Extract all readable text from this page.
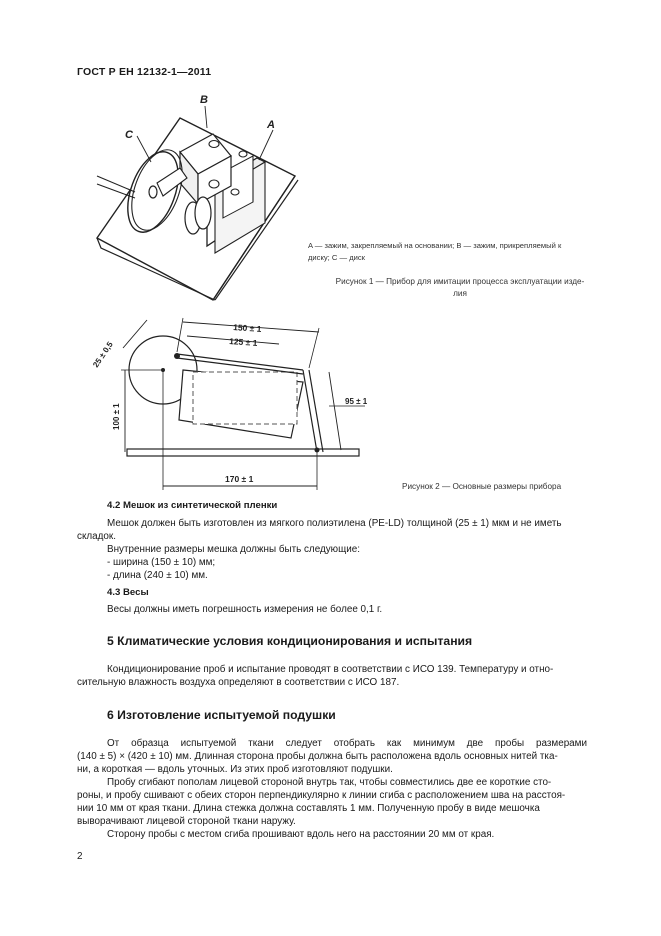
ГОСТ Р ЕН 12132-1—2011
C
B
A
A — зажим, закрепляемый на основании; B — зажим, прикрепляемый к
диску; C — диск
Рисунок 1 — Прибор для имитации процесса эксплуатации изде-
лия
150 ± 1
125 ± 1
25 ± 0,5
100 ± 1
95 ± 1
170 ± 1
Рисунок 2 — Основные размеры прибора
4.2 Мешок из синтетической пленки
Мешок должен быть изготовлен из мягкого полиэтилена (PE-LD) толщиной (25 ± 1) мкм и не иметь
складок.
Внутренние размеры мешка должны быть следующие:
- ширина (150 ± 10) мм;
- длина (240 ± 10) мм.
4.3 Весы
Весы должны иметь погрешность измерения не более 0,1 г.
5 Климатические условия кондиционирования и испытания
Кондиционирование проб и испытание проводят в соответствии с ИСО 139. Температуру и отно-
сительную влажность воздуха определяют в соответствии с ИСО 187.
6 Изготовление испытуемой подушки
От образца испытуемой ткани следует отобрать как минимум две пробы размерами
(140 ± 5) × (420 ± 10) мм. Длинная сторона пробы должна быть расположена вдоль основных нитей тка-
ни, а короткая — вдоль уточных. Из этих проб изготовляют подушки.
Пробу сгибают пополам лицевой стороной внутрь так, чтобы совместились две ее короткие сто-
роны, и пробу сшивают с обеих сторон перпендикулярно к линии сгиба с расположением шва на расстоя-
нии 10 мм от края ткани. Длина стежка должна составлять 1 мм. Полученную пробу в виде мешочка
выворачивают лицевой стороной ткани наружу.
Сторону пробы с местом сгиба прошивают вдоль него на расстоянии 20 мм от края.
2
